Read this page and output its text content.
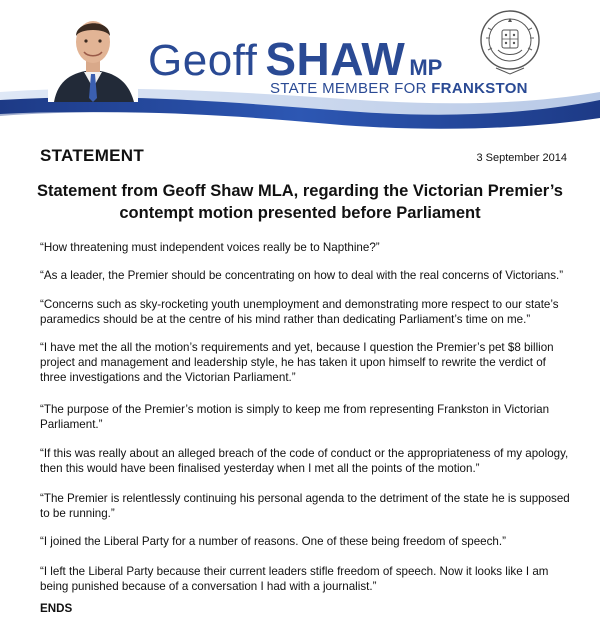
Geoff SHAW MP
STATE MEMBER FOR FRANKSTON
STATEMENT	3 September 2014
Statement from Geoff Shaw MLA, regarding the Victorian Premier’s
contempt motion presented before Parliament

“How threatening must independent voices really be to Napthine?”

“As a leader, the Premier should be concentrating on how to deal with the real concerns of Victorians.”

“Concerns such as sky-rocketing youth unemployment and demonstrating more respect to our state’s paramedics should be at the centre of his mind rather than dedicating Parliament’s time on me.”

“I have met the all the motion’s requirements and yet, because I question the Premier’s pet $8 billion project and management and leadership style, he has taken it upon himself to rewrite the verdict of three investigations and the Victorian Parliament.”

“The purpose of the Premier’s motion is simply to keep me from representing Frankston in Victorian Parliament.”

“If this was really about an alleged breach of the code of conduct or the appropriateness of my apology, then this would have been finalised yesterday when I met all the points of the motion.”

“The Premier is relentlessly continuing his personal agenda to the detriment of the state he is supposed to be running.”

“I joined the Liberal Party for a number of reasons. One of these being freedom of speech.”

“I left the Liberal Party because their current leaders stifle freedom of speech. Now it looks like I am being punished because of a conversation I had with a journalist.”

ENDS
